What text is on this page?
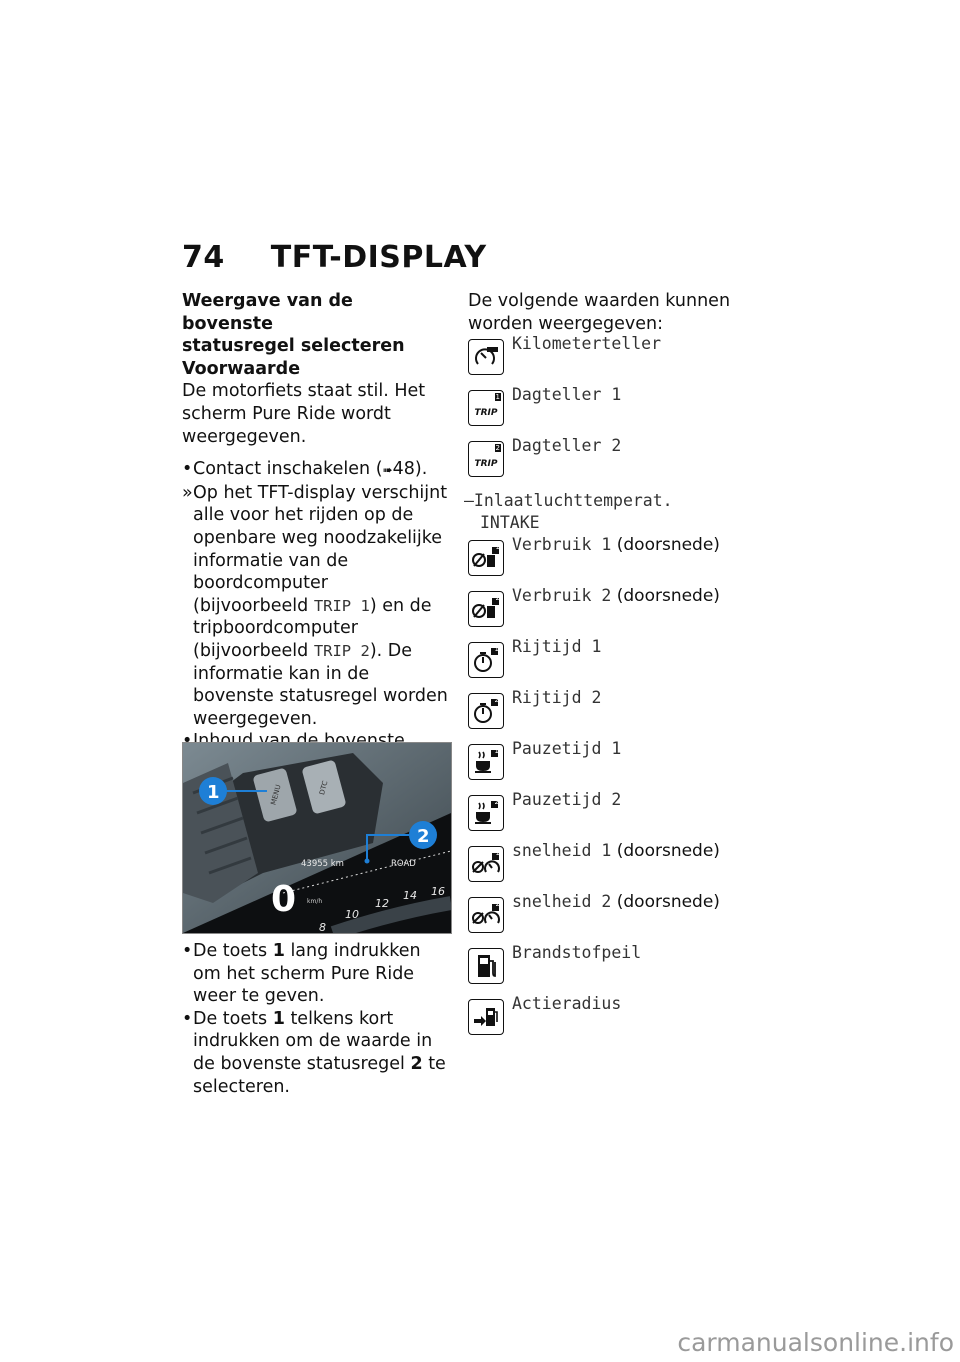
74 TFT-DISPLAY

Weergave van de bovenste

statusregel selecteren

Voorwaarde

De motorfiets staat stil. Het scherm Pure Ride wordt weergegeven.

• Contact inschakelen (➠48).
» Op het TFT-display verschijnt alle voor het rijden op de openbare weg noodzakelijke informatie van de boordcomputer (bijvoorbeeld TRIP 1) en de tripboordcomputer (bijvoorbeeld TRIP 2). De informatie kan in de bovenste statusregel worden weergegeven.
MENU	DTC
43955 km	ROAD
0 km/h
8
10
12
14 16
1
2
• De toets 1 lang indrukken om het scherm Pure Ride weer te geven.
• De toets 1 telkens kort indrukken om de waarde in de bovenste statusregel 2 te selecteren.

De volgende waarden kunnen worden weergegeven:

Kilometerteller
1
TRIP
Dagteller 1
2
TRIP
Dagteller 2
–Inlaatluchttemperat.
INTAKE
1 Verbruik 1 (doorsnede)
2 Verbruik 2 (doorsnede)
1 Rijtijd 1
2 Rijtijd 2
1 Pauzetijd 1
2 Pauzetijd 2
1 snelheid 1 (doorsnede)
2 snelheid 2 (doorsnede)
Brandstofpeil
Actieradius
carmanualsonline.info
